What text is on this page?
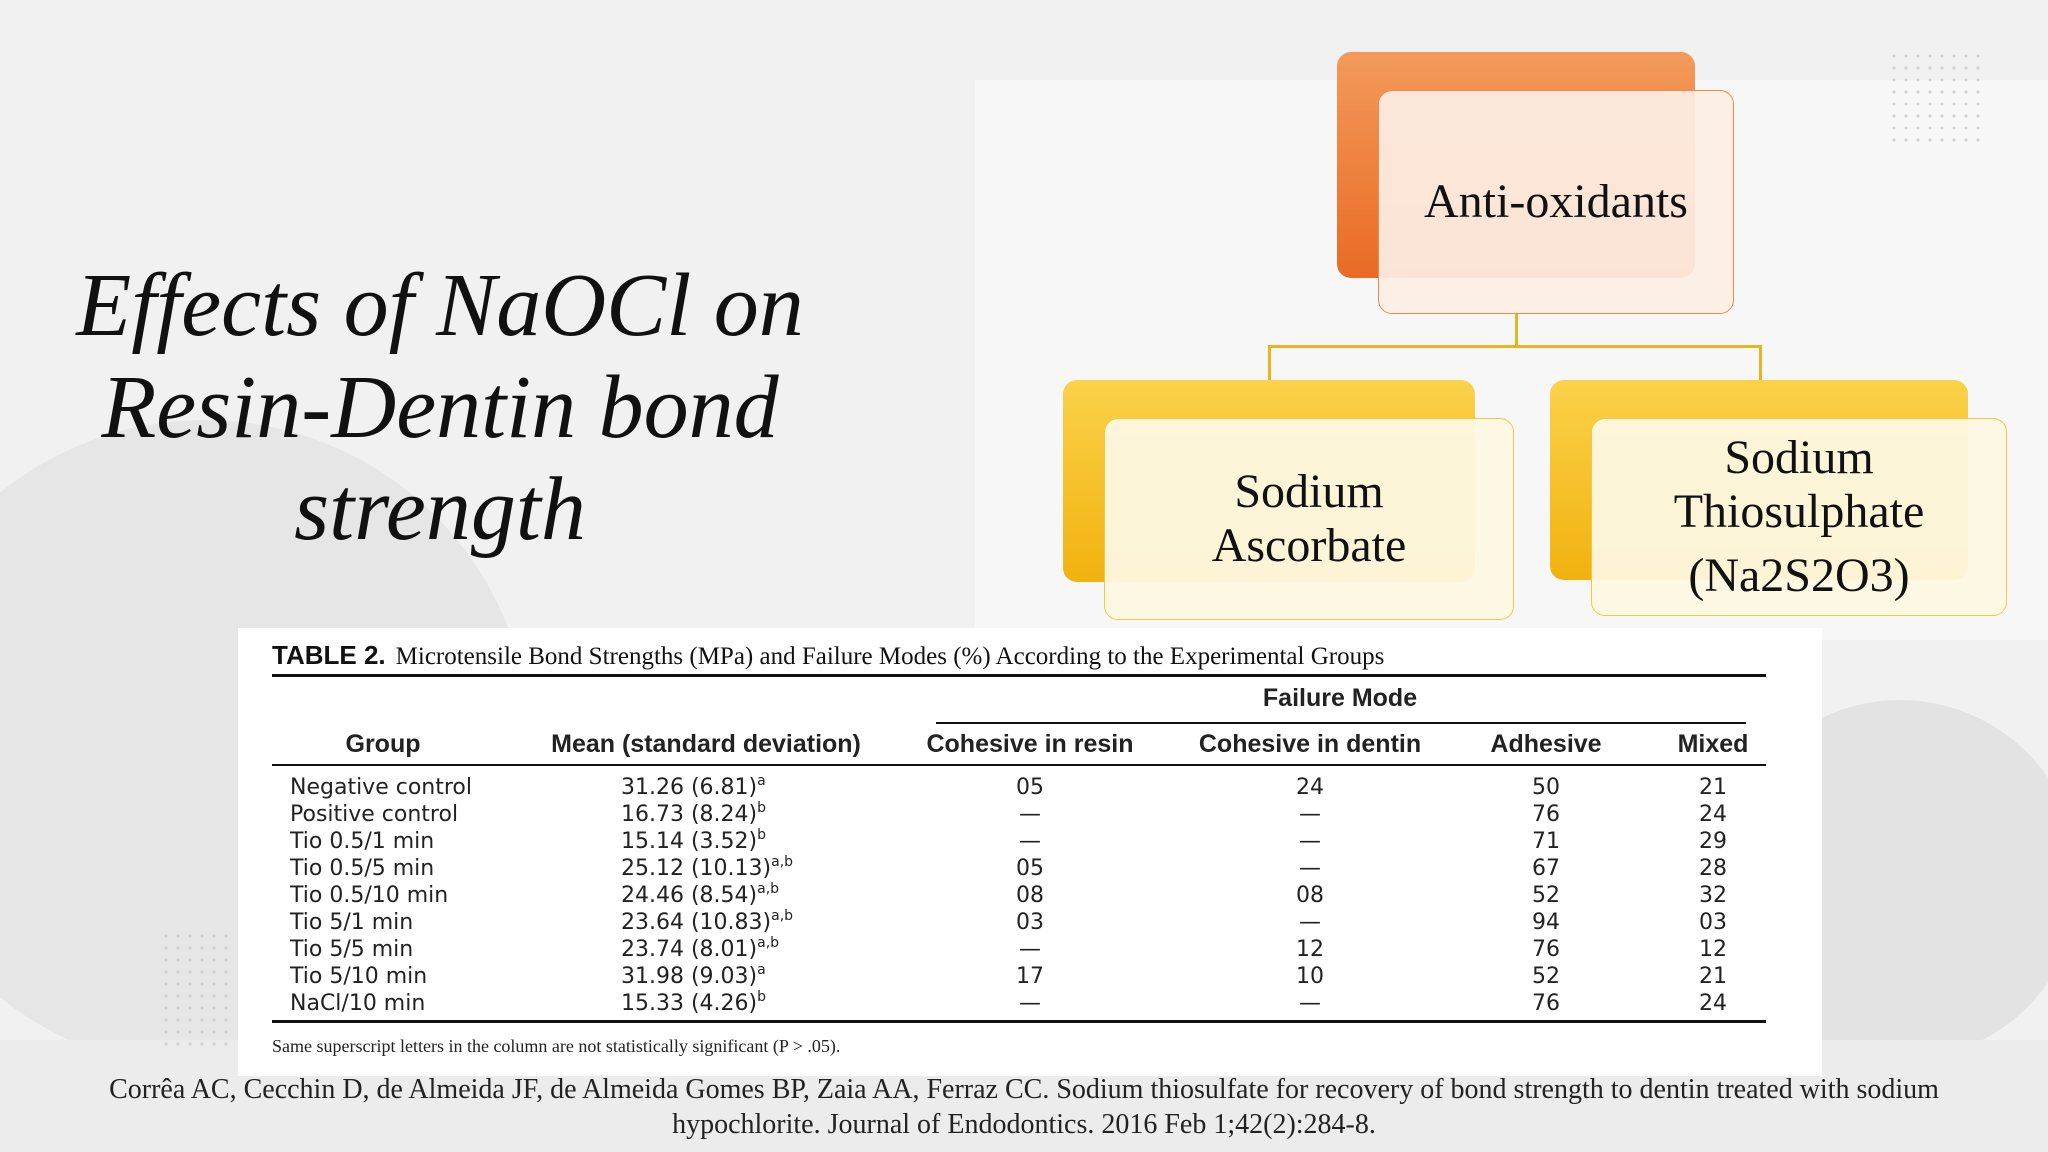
Effects of NaOCl on
Resin-Dentin bond
strength
Anti-oxidants
Sodium
Ascorbate
Sodium
Thiosulphate
(Na2S2O3)
TABLE 2. Microtensile Bond Strengths (MPa) and Failure Modes (%) According to the Experimental Groups
Failure Mode
Group	Mean (standard deviation)	Cohesive in resin	Cohesive in dentin	Adhesive	Mixed
Negative control	31.26 $(6.81)^a$	05	24	50	21
Positive control	16.73 $(8.24)^b$	—	—	76	24
Tio 0.5/1 min	15.14 $(3.52)^b$	—	—	71	29
Tio 0.5/5 min	25.12 $(10.13)^{a,b}$	05	—	67	28
Tio 0.5/10 min	24.46 $(8.54)^{a,b}$	08	08	52	32
Tio 5/1 min	23.64 $(10.83)^{a,b}$	03	—	94	03
Tio 5/5 min	23.74 $(8.01)^{a,b}$	—	12	76	12
Tio 5/10 min	31.98 $(9.03)^a$	17	10	52	21
NaCl/10 min	15.33 $(4.26)^b$	—	—	76	24
Same superscript letters in the column are not statistically significant (P > .05).
Corrêa AC, Cecchin D, de Almeida JF, de Almeida Gomes BP, Zaia AA, Ferraz CC. Sodium thiosulfate for recovery of bond strength to dentin treated with sodium
hypochlorite. Journal of Endodontics. 2016 Feb 1;42(2):284-8.
